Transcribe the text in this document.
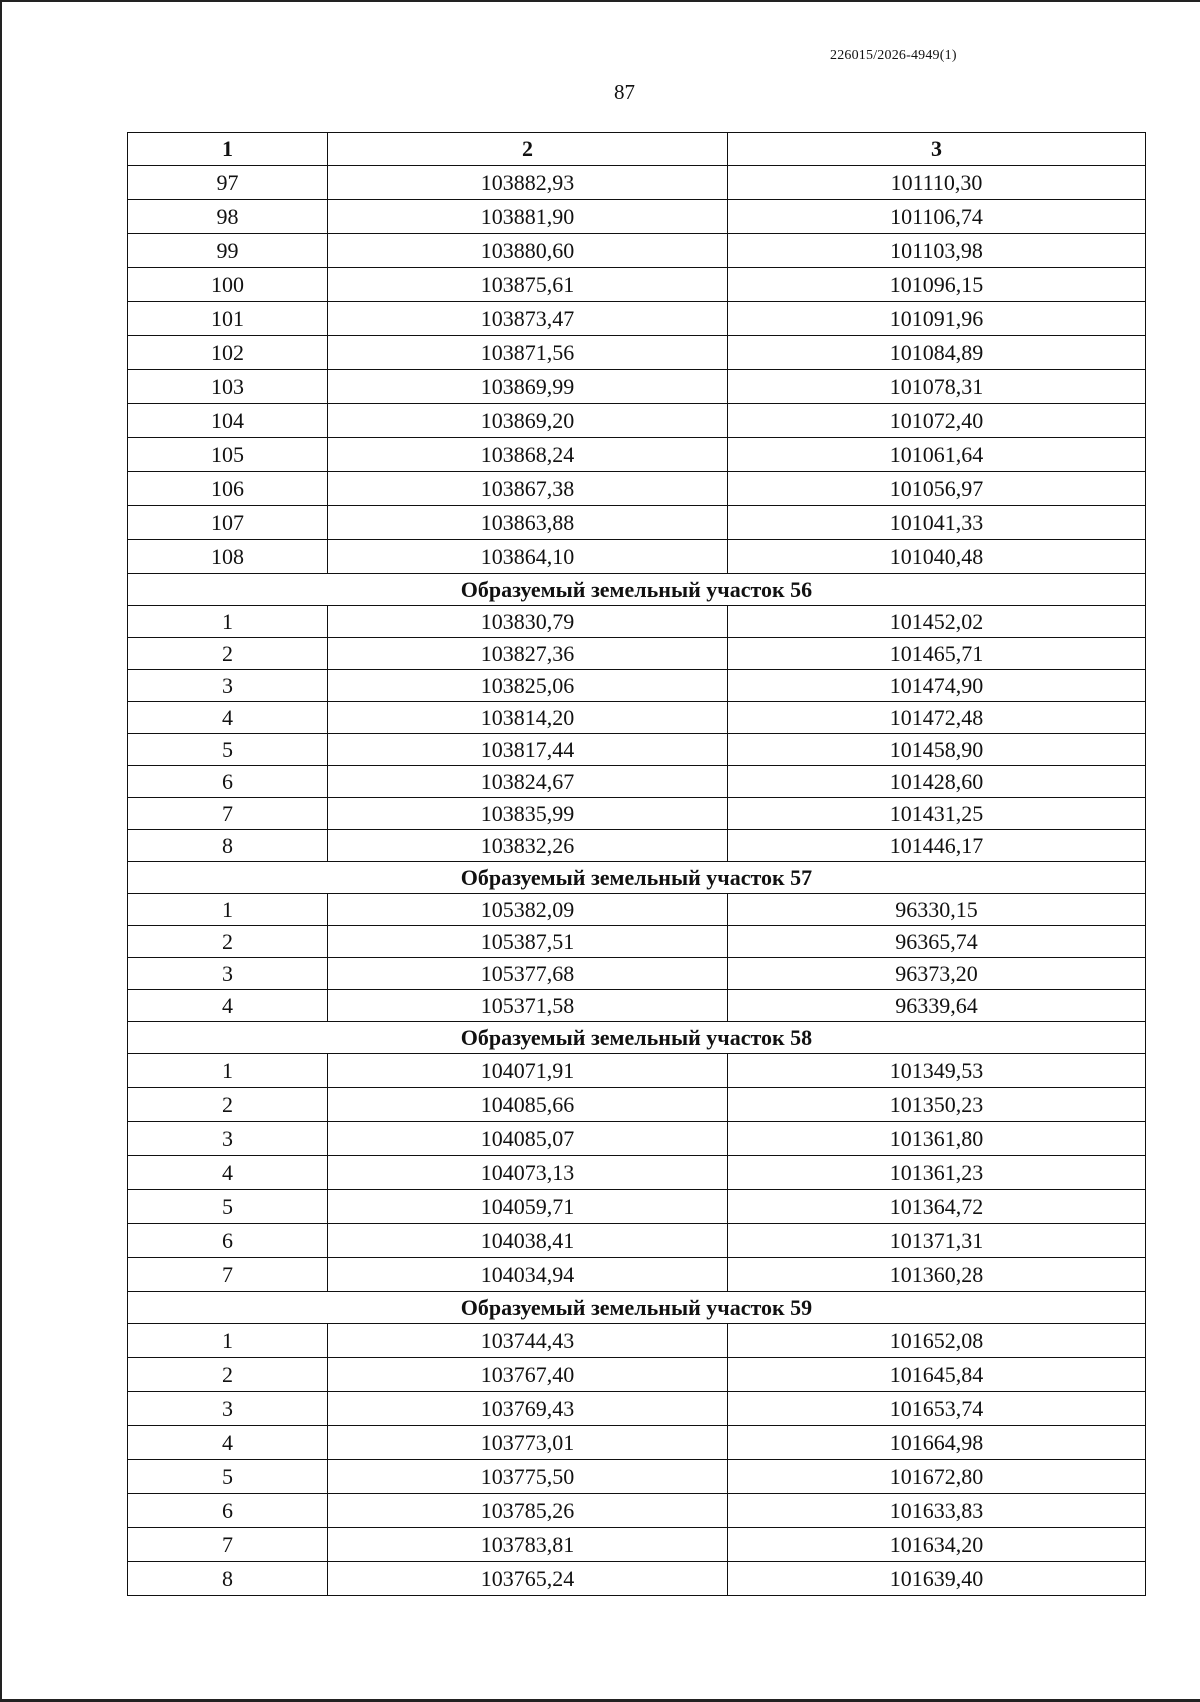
226015/2026-4949(1)
87
1	2	3
97	103882,93	101110,30
98	103881,90	101106,74
99	103880,60	101103,98
100	103875,61	101096,15
101	103873,47	101091,96
102	103871,56	101084,89
103	103869,99	101078,31
104	103869,20	101072,40
105	103868,24	101061,64
106	103867,38	101056,97
107	103863,88	101041,33
108	103864,10	101040,48
Образуемый земельный участок 56		
1	103830,79	101452,02
2	103827,36	101465,71
3	103825,06	101474,90
4	103814,20	101472,48
5	103817,44	101458,90
6	103824,67	101428,60
7	103835,99	101431,25
8	103832,26	101446,17
Образуемый земельный участок 57		
1	105382,09	96330,15
2	105387,51	96365,74
3	105377,68	96373,20
4	105371,58	96339,64
Образуемый земельный участок 58		
1	104071,91	101349,53
2	104085,66	101350,23
3	104085,07	101361,80
4	104073,13	101361,23
5	104059,71	101364,72
6	104038,41	101371,31
7	104034,94	101360,28
Образуемый земельный участок 59		
1	103744,43	101652,08
2	103767,40	101645,84
3	103769,43	101653,74
4	103773,01	101664,98
5	103775,50	101672,80
6	103785,26	101633,83
7	103783,81	101634,20
8	103765,24	101639,40
